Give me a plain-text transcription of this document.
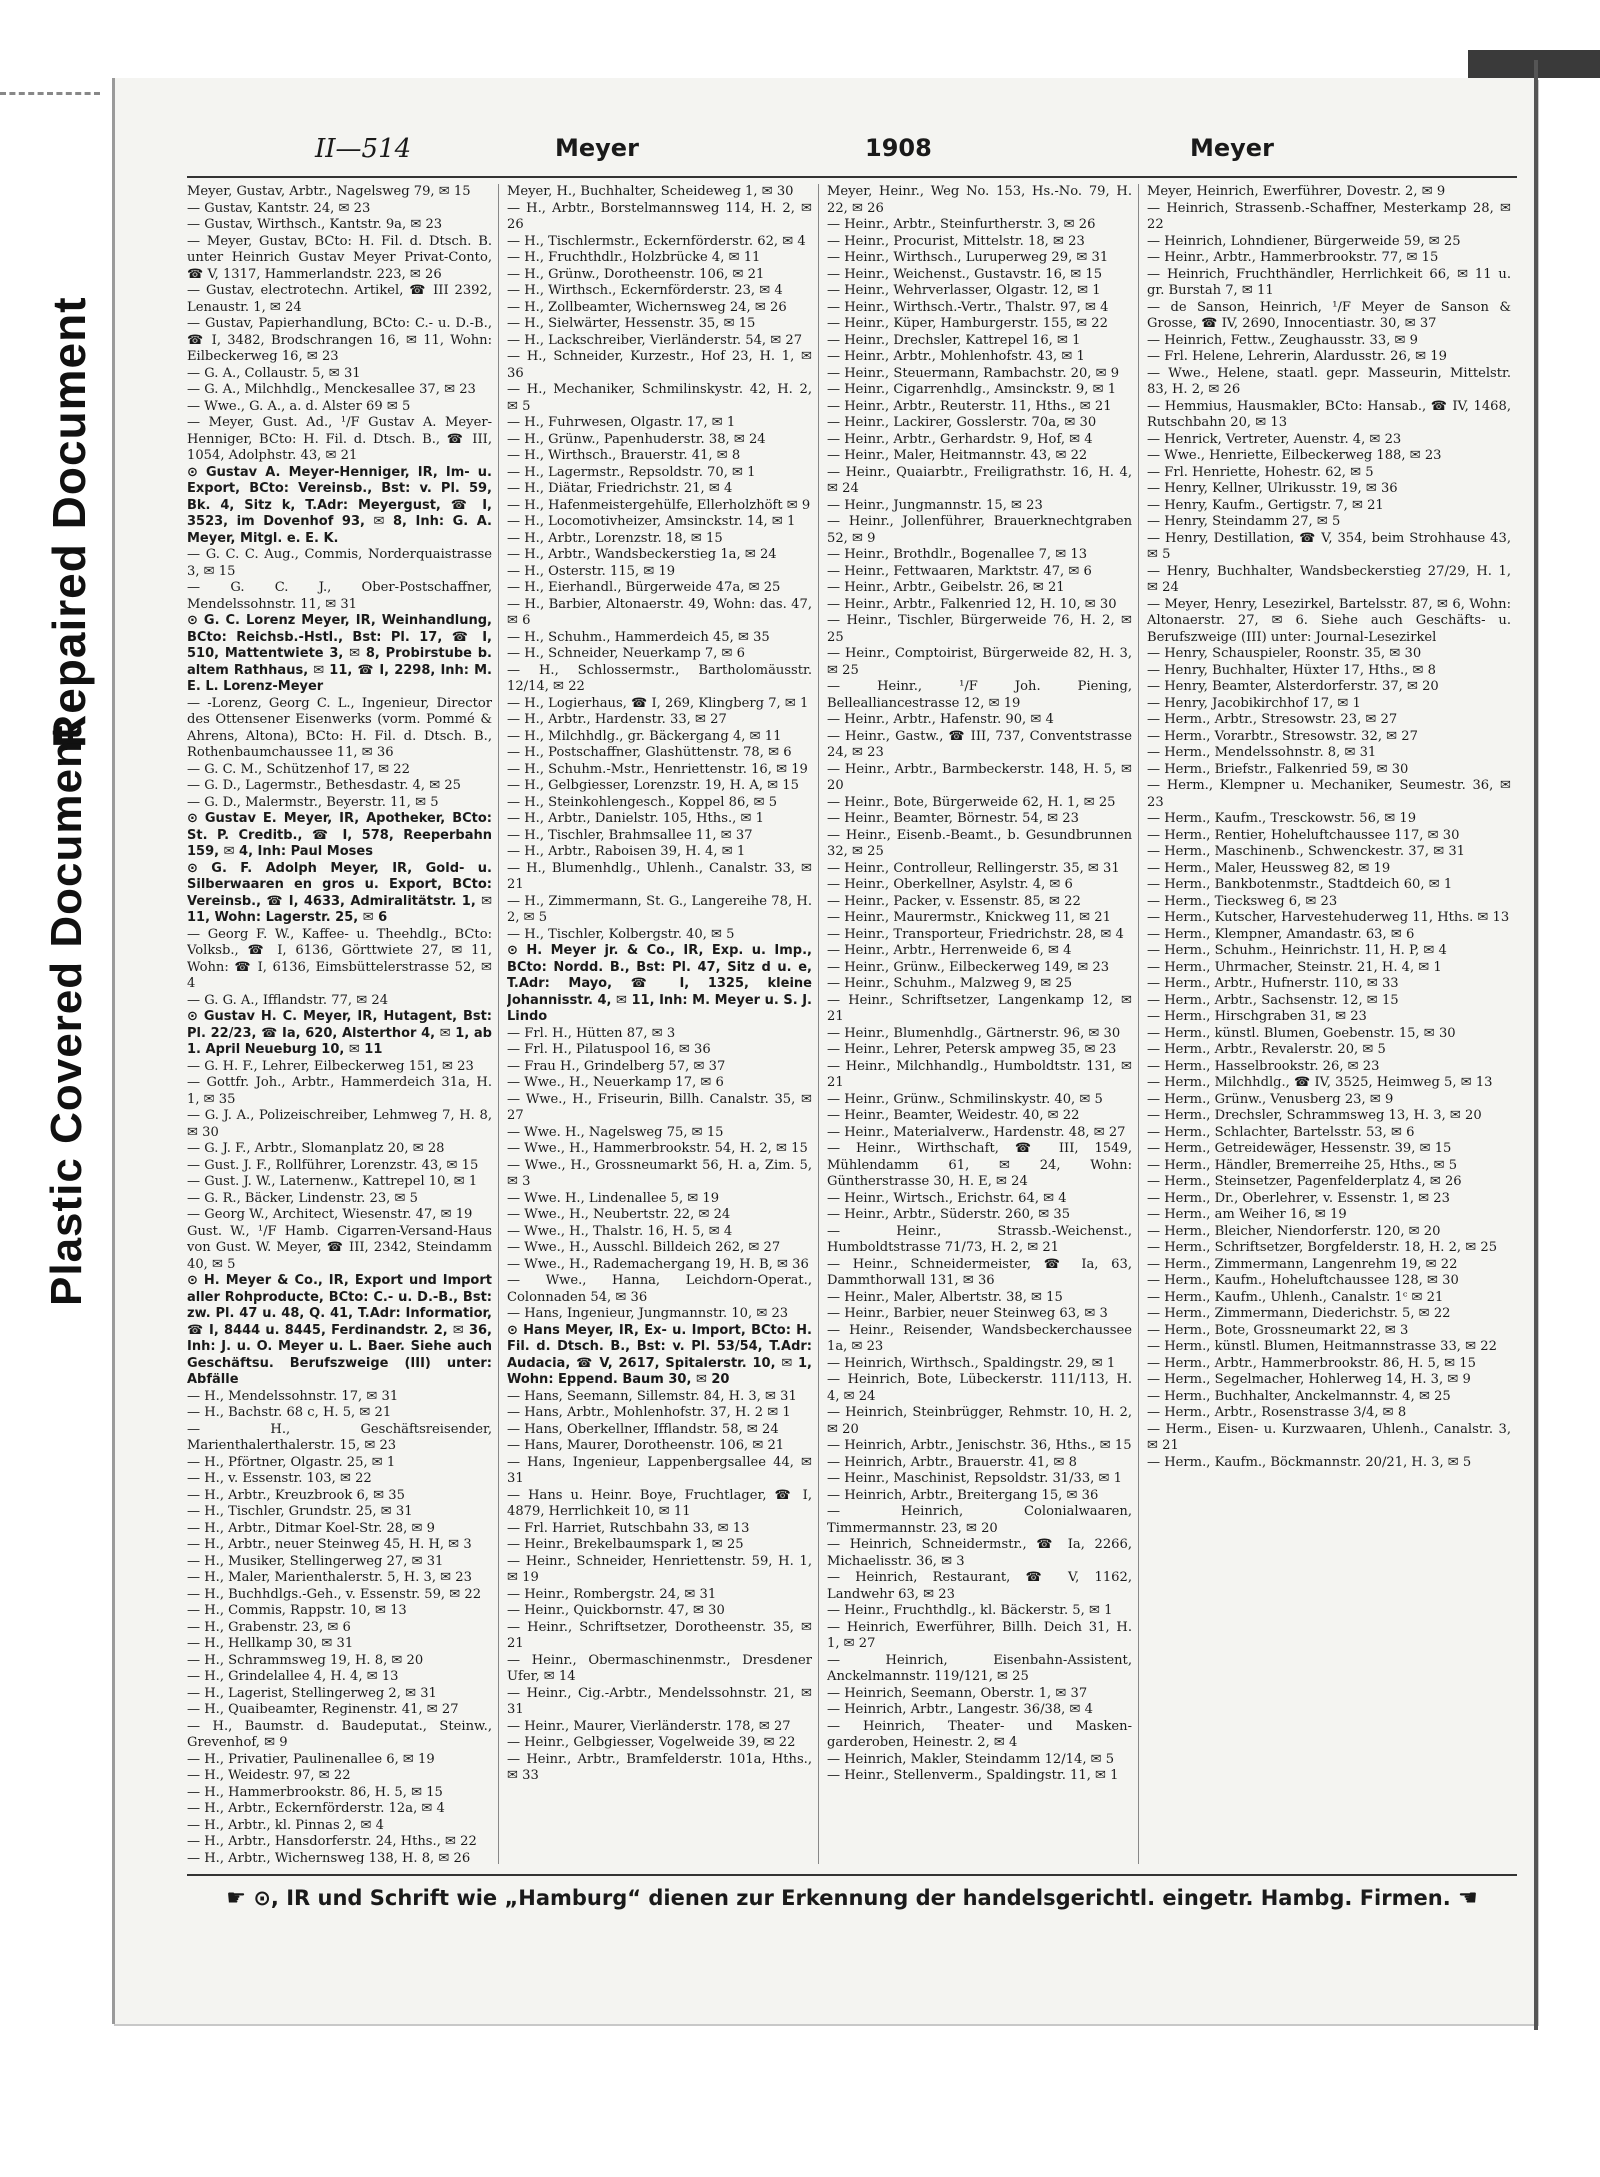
Repaired Document
Plastic Covered Document
II—514	Meyer	1908	Meyer

Meyer, Gustav, Arbtr., Nagelsweg 79, ✉ 15

— Gustav, Kantstr. 24, ✉ 23

— Gustav, Wirthsch., Kantstr. 9a, ✉ 23

— Meyer, Gustav, BCto: H. Fil. d. Dtsch. B. unter Heinrich Gustav Meyer Privat-Conto, ☎ V, 1317, Hammerlandstr. 223, ✉ 26

— Gustav, electrotechn. Artikel, ☎ III 2392, Lenaustr. 1, ✉ 24

— Gustav, Papierhandlung, BCto: C.- u. D.-B., ☎ I, 3482, Brodschrangen 16, ✉ 11, Wohn: Eilbeckerweg 16, ✉ 23

— G. A., Collaustr. 5, ✉ 31

— G. A., Milchhdlg., Menckesallee 37, ✉ 23

— Wwe., G. A., a. d. Alster 69 ✉ 5

— Meyer, Gust. Ad., ¹/F Gustav A. Meyer-Henniger, BCto: H. Fil. d. Dtsch. B., ☎ III, 1054, Adolphstr. 43, ✉ 21

⊙ Gustav A. Meyer-Henniger, IR, Im- u. Export, BCto: Vereinsb., Bst: v. Pl. 59, Bk. 4, Sitz k, T.Adr: Meyergust, ☎ I, 3523, im Dovenhof 93, ✉ 8, Inh: G. A. Meyer, Mitgl. e. E. K.

— G. C. C. Aug., Commis, Norderquaistrasse 3, ✉ 15

— G. C. J., Ober-Postschaffner, Mendelssohnstr. 11, ✉ 31

⊙ G. C. Lorenz Meyer, IR, Weinhandlung, BCto: Reichsb.-Hstl., Bst: Pl. 17, ☎ I, 510, Mattentwiete 3, ✉ 8, Probirstube b. altem Rathhaus, ✉ 11, ☎ I, 2298, Inh: M. E. L. Lorenz-Meyer

— -Lorenz, Georg C. L., Ingenieur, Director des Ottensener Eisenwerks (vorm. Pommé & Ahrens, Altona), BCto: H. Fil. d. Dtsch. B., Rothenbaumchaussee 11, ✉ 36

— G. C. M., Schützenhof 17, ✉ 22

— G. D., Lagermstr., Bethesdastr. 4, ✉ 25

— G. D., Malermstr., Beyerstr. 11, ✉ 5

⊙ Gustav E. Meyer, IR, Apotheker, BCto: St. P. Creditb., ☎ I, 578, Reeperbahn 159, ✉ 4, Inh: Paul Moses

⊙ G. F. Adolph Meyer, IR, Gold- u. Silberwaaren en gros u. Export, BCto: Vereinsb., ☎ I, 4633, Admiralitätstr. 1, ✉ 11, Wohn: Lagerstr. 25, ✉ 6

— Georg F. W., Kaffee- u. Theehdlg., BCto: Volksb., ☎ I, 6136, Görttwiete 27, ✉ 11, Wohn: ☎ I, 6136, Eimsbüttelerstrasse 52, ✉ 4

— G. G. A., Ifflandstr. 77, ✉ 24

⊙ Gustav H. C. Meyer, IR, Hutagent, Bst: Pl. 22/23, ☎ Ia, 620, Alsterthor 4, ✉ 1, ab 1. April Neueburg 10, ✉ 11

— G. H. F., Lehrer, Eilbeckerweg 151, ✉ 23

— Gottfr. Joh., Arbtr., Hammerdeich 31a, H. 1, ✉ 35

— G. J. A., Polizeischreiber, Lehmweg 7, H. 8, ✉ 30

— G. J. F., Arbtr., Slomanplatz 20, ✉ 28

— Gust. J. F., Rollführer, Lorenzstr. 43, ✉ 15

— Gust. J. W., Laternenw., Kattrepel 10, ✉ 1

— G. R., Bäcker, Lindenstr. 23, ✉ 5

— Georg W., Architect, Wiesenstr. 47, ✉ 19

Gust. W., ¹/F Hamb. Cigarren-Versand-Haus von Gust. W. Meyer, ☎ III, 2342, Steindamm 40, ✉ 5

⊙ H. Meyer & Co., IR, Export und Import aller Rohproducte, BCto: C.- u. D.-B., Bst: zw. Pl. 47 u. 48, Q. 41, T.Adr: Informatior, ☎ I, 8444 u. 8445, Ferdinandstr. 2, ✉ 36, Inh: J. u. O. Meyer u. L. Baer. Siehe auch Geschäftsu. Berufszweige (III) unter: Abfälle

— H., Mendelssohnstr. 17, ✉ 31

— H., Bachstr. 68 c, H. 5, ✉ 21

— H., Geschäftsreisender, Marienthalerthalerstr. 15, ✉ 23

— H., Pförtner, Olgastr. 25, ✉ 1

— H., v. Essenstr. 103, ✉ 22

— H., Arbtr., Kreuzbrook 6, ✉ 35

— H., Tischler, Grundstr. 25, ✉ 31

— H., Arbtr., Ditmar Koel-Str. 28, ✉ 9

— H., Arbtr., neuer Steinweg 45, H. H, ✉ 3

— H., Musiker, Stellingerweg 27, ✉ 31

— H., Maler, Marienthalerstr. 5, H. 3, ✉ 23

— H., Buchhdlgs.-Geh., v. Essenstr. 59, ✉ 22

— H., Commis, Rappstr. 10, ✉ 13

— H., Grabenstr. 23, ✉ 6

— H., Hellkamp 30, ✉ 31

— H., Schrammsweg 19, H. 8, ✉ 20

— H., Grindelallee 4, H. 4, ✉ 13

— H., Lagerist, Stellingerweg 2, ✉ 31

— H., Quaibeamter, Reginenstr. 41, ✉ 27

— H., Baumstr. d. Baudeputat., Steinw., Grevenhof, ✉ 9

— H., Privatier, Paulinenallee 6, ✉ 19

— H., Weidestr. 97, ✉ 22

— H., Hammerbrookstr. 86, H. 5, ✉ 15

— H., Arbtr., Eckernförderstr. 12a, ✉ 4

— H., Arbtr., kl. Pinnas 2, ✉ 4

— H., Arbtr., Hansdorferstr. 24, Hths., ✉ 22

— H., Arbtr., Wichernsweg 138, H. 8, ✉ 26

Meyer, H., Buchhalter, Scheideweg 1, ✉ 30

— H., Arbtr., Borstelmannsweg 114, H. 2, ✉ 26

— H., Tischlermstr., Eckernförderstr. 62, ✉ 4

— H., Fruchthdlr., Holzbrücke 4, ✉ 11

— H., Grünw., Dorotheenstr. 106, ✉ 21

— H., Wirthsch., Eckernförderstr. 23, ✉ 4

— H., Zollbeamter, Wichernsweg 24, ✉ 26

— H., Sielwärter, Hessenstr. 35, ✉ 15

— H., Lackschreiber, Vierländerstr. 54, ✉ 27

— H., Schneider, Kurzestr., Hof 23, H. 1, ✉ 36

— H., Mechaniker, Schmilinskystr. 42, H. 2, ✉ 5

— H., Fuhrwesen, Olgastr. 17, ✉ 1

— H., Grünw., Papenhuderstr. 38, ✉ 24

— H., Wirthsch., Brauerstr. 41, ✉ 8

— H., Lagermstr., Repsoldstr. 70, ✉ 1

— H., Diätar, Friedrichstr. 21, ✉ 4

— H., Hafenmeistergehülfe, Ellerholzhöft ✉ 9

— H., Locomotivheizer, Amsinckstr. 14, ✉ 1

— H., Arbtr., Lorenzstr. 18, ✉ 15

— H., Arbtr., Wandsbeckerstieg 1a, ✉ 24

— H., Osterstr. 115, ✉ 19

— H., Eierhandl., Bürgerweide 47a, ✉ 25

— H., Barbier, Altonaerstr. 49, Wohn: das. 47, ✉ 6

— H., Schuhm., Hammerdeich 45, ✉ 35

— H., Schneider, Neuerkamp 7, ✉ 6

— H., Schlossermstr., Bartholomäusstr. 12/14, ✉ 22

— H., Logierhaus, ☎ I, 269, Klingberg 7, ✉ 1

— H., Arbtr., Hardenstr. 33, ✉ 27

— H., Milchhdlg., gr. Bäckergang 4, ✉ 11

— H., Postschaffner, Glashüttenstr. 78, ✉ 6

— H., Schuhm.-Mstr., Henriettenstr. 16, ✉ 19

— H., Gelbgiesser, Lorenzstr. 19, H. A, ✉ 15

— H., Steinkohlengesch., Koppel 86, ✉ 5

— H., Arbtr., Danielstr. 105, Hths., ✉ 1

— H., Tischler, Brahmsallee 11, ✉ 37

— H., Arbtr., Raboisen 39, H. 4, ✉ 1

— H., Blumenhdlg., Uhlenh., Canalstr. 33, ✉ 21

— H., Zimmermann, St. G., Langereihe 78, H. 2, ✉ 5

— H., Tischler, Kolbergstr. 40, ✉ 5

⊙ H. Meyer jr. & Co., IR, Exp. u. Imp., BCto: Nordd. B., Bst: Pl. 47, Sitz d u. e, T.Adr: Mayo, ☎ I, 1325, kleine Johannisstr. 4, ✉ 11, Inh: M. Meyer u. S. J. Lindo

— Frl. H., Hütten 87, ✉ 3

— Frl. H., Pilatuspool 16, ✉ 36

— Frau H., Grindelberg 57, ✉ 37

— Wwe., H., Neuerkamp 17, ✉ 6

— Wwe., H., Friseurin, Billh. Canalstr. 35, ✉ 27

— Wwe. H., Nagelsweg 75, ✉ 15

— Wwe., H., Hammerbrookstr. 54, H. 2, ✉ 15

— Wwe., H., Grossneumarkt 56, H. a, Zim. 5, ✉ 3

— Wwe. H., Lindenallee 5, ✉ 19

— Wwe., H., Neubertstr. 22, ✉ 24

— Wwe., H., Thalstr. 16, H. 5, ✉ 4

— Wwe., H., Ausschl. Billdeich 262, ✉ 27

— Wwe., H., Rademachergang 19, H. B, ✉ 36

— Wwe., Hanna, Leichdorn-Operat., Colonnaden 54, ✉ 36

— Hans, Ingenieur, Jungmannstr. 10, ✉ 23

⊙ Hans Meyer, IR, Ex- u. Import, BCto: H. Fil. d. Dtsch. B., Bst: v. Pl. 53/54, T.Adr: Audacia, ☎ V, 2617, Spitalerstr. 10, ✉ 1, Wohn: Eppend. Baum 30, ✉ 20

— Hans, Seemann, Sillemstr. 84, H. 3, ✉ 31

— Hans, Arbtr., Mohlenhofstr. 37, H. 2 ✉ 1

— Hans, Oberkellner, Ifflandstr. 58, ✉ 24

— Hans, Maurer, Dorotheenstr. 106, ✉ 21

— Hans, Ingenieur, Lappenbergsallee 44, ✉ 31

— Hans u. Heinr. Boye, Fruchtlager, ☎ I, 4879, Herrlichkeit 10, ✉ 11

— Frl. Harriet, Rutschbahn 33, ✉ 13

— Heinr., Brekelbaumspark 1, ✉ 25

— Heinr., Schneider, Henriettenstr. 59, H. 1, ✉ 19

— Heinr., Rombergstr. 24, ✉ 31

— Heinr., Quickbornstr. 47, ✉ 30

— Heinr., Schriftsetzer, Dorotheenstr. 35, ✉ 21

— Heinr., Obermaschinenmstr., Dresdener Ufer, ✉ 14

— Heinr., Cig.-Arbtr., Mendelssohnstr. 21, ✉ 31

— Heinr., Maurer, Vierländerstr. 178, ✉ 27

— Heinr., Gelbgiesser, Vogelweide 39, ✉ 22

— Heinr., Arbtr., Bramfelderstr. 101a, Hths., ✉ 33

Meyer, Heinr., Weg No. 153, Hs.-No. 79, H. 22, ✉ 26

— Heinr., Arbtr., Steinfurtherstr. 3, ✉ 26

— Heinr., Procurist, Mittelstr. 18, ✉ 23

— Heinr., Wirthsch., Luruperweg 29, ✉ 31

— Heinr., Weichenst., Gustavstr. 16, ✉ 15

— Heinr., Wehrverlasser, Olgastr. 12, ✉ 1

— Heinr., Wirthsch.-Vertr., Thalstr. 97, ✉ 4

— Heinr., Küper, Hamburgerstr. 155, ✉ 22

— Heinr., Drechsler, Kattrepel 16, ✉ 1

— Heinr., Arbtr., Mohlenhofstr. 43, ✉ 1

— Heinr., Steuermann, Rambachstr. 20, ✉ 9

— Heinr., Cigarrenhdlg., Amsinckstr. 9, ✉ 1

— Heinr., Arbtr., Reuterstr. 11, Hths., ✉ 21

— Heinr., Lackirer, Gosslerstr. 70a, ✉ 30

— Heinr., Arbtr., Gerhardstr. 9, Hof, ✉ 4

— Heinr., Maler, Heitmannstr. 43, ✉ 22

— Heinr., Quaiarbtr., Freiligrathstr. 16, H. 4, ✉ 24

— Heinr., Jungmannstr. 15, ✉ 23

— Heinr., Jollenführer, Brauerknechtgraben 52, ✉ 9

— Heinr., Brothdlr., Bogenallee 7, ✉ 13

— Heinr., Fettwaaren, Marktstr. 47, ✉ 6

— Heinr., Arbtr., Geibelstr. 26, ✉ 21

— Heinr., Arbtr., Falkenried 12, H. 10, ✉ 30

— Heinr., Tischler, Bürgerweide 76, H. 2, ✉ 25

— Heinr., Comptoirist, Bürgerweide 82, H. 3, ✉ 25

— Heinr., ¹/F Joh. Piening, Bellealliancestrasse 12, ✉ 19

— Heinr., Arbtr., Hafenstr. 90, ✉ 4

— Heinr., Gastw., ☎ III, 737, Conventstrasse 24, ✉ 23

— Heinr., Arbtr., Barmbeckerstr. 148, H. 5, ✉ 20

— Heinr., Bote, Bürgerweide 62, H. 1, ✉ 25

— Heinr., Beamter, Börnestr. 54, ✉ 23

— Heinr., Eisenb.-Beamt., b. Gesundbrunnen 32, ✉ 25

— Heinr., Controlleur, Rellingerstr. 35, ✉ 31

— Heinr., Oberkellner, Asylstr. 4, ✉ 6

— Heinr., Packer, v. Essenstr. 85, ✉ 22

— Heinr., Maurermstr., Knickweg 11, ✉ 21

— Heinr., Transporteur, Friedrichstr. 28, ✉ 4

— Heinr., Arbtr., Herrenweide 6, ✉ 4

— Heinr., Grünw., Eilbeckerweg 149, ✉ 23

— Heinr., Schuhm., Malzweg 9, ✉ 25

— Heinr., Schriftsetzer, Langenkamp 12, ✉ 21

— Heinr., Blumenhdlg., Gärtnerstr. 96, ✉ 30

— Heinr., Lehrer, Petersk ampweg 35, ✉ 23

— Heinr., Milchhandlg., Humboldtstr. 131, ✉ 21

— Heinr., Grünw., Schmilinskystr. 40, ✉ 5

— Heinr., Beamter, Weidestr. 40, ✉ 22

— Heinr., Materialverw., Hardenstr. 48, ✉ 27

— Heinr., Wirthschaft, ☎ III, 1549, Mühlendamm 61, ✉ 24, Wohn: Güntherstrasse 30, H. E, ✉ 24

— Heinr., Wirtsch., Erichstr. 64, ✉ 4

— Heinr., Arbtr., Süderstr. 260, ✉ 35

— Heinr., Strassb.-Weichenst., Humboldtstrasse 71/73, H. 2, ✉ 21

— Heinr., Schneidermeister, ☎ Ia, 63, Dammthorwall 131, ✉ 36

— Heinr., Maler, Albertstr. 38, ✉ 15

— Heinr., Barbier, neuer Steinweg 63, ✉ 3

— Heinr., Reisender, Wandsbeckerchaussee 1a, ✉ 23

— Heinrich, Wirthsch., Spaldingstr. 29, ✉ 1

— Heinrich, Bote, Lübeckerstr. 111/113, H. 4, ✉ 24

— Heinrich, Steinbrügger, Rehmstr. 10, H. 2, ✉ 20

— Heinrich, Arbtr., Jenischstr. 36, Hths., ✉ 15

— Heinrich, Arbtr., Brauerstr. 41, ✉ 8

— Heinr., Maschinist, Repsoldstr. 31/33, ✉ 1

— Heinrich, Arbtr., Breitergang 15, ✉ 36

— Heinrich, Colonialwaaren, Timmermannstr. 23, ✉ 20

— Heinrich, Schneidermstr., ☎ Ia, 2266, Michaelisstr. 36, ✉ 3

— Heinrich, Restaurant, ☎ V, 1162, Landwehr 63, ✉ 23

— Heinr., Fruchthdlg., kl. Bäckerstr. 5, ✉ 1

— Heinrich, Ewerführer, Billh. Deich 31, H. 1, ✉ 27

— Heinrich, Eisenbahn-Assistent, Anckelmannstr. 119/121, ✉ 25

— Heinrich, Seemann, Oberstr. 1, ✉ 37

— Heinrich, Arbtr., Langestr. 36/38, ✉ 4

— Heinrich, Theater- und Masken-garderoben, Heinestr. 2, ✉ 4

— Heinrich, Makler, Steindamm 12/14, ✉ 5

— Heinr., Stellenverm., Spaldingstr. 11, ✉ 1

Meyer, Heinrich, Ewerführer, Dovestr. 2, ✉ 9

— Heinrich, Strassenb.-Schaffner, Mesterkamp 28, ✉ 22

— Heinrich, Lohndiener, Bürgerweide 59, ✉ 25

— Heinr., Arbtr., Hammerbrookstr. 77, ✉ 15

— Heinrich, Fruchthändler, Herrlichkeit 66, ✉ 11 u. gr. Burstah 7, ✉ 11

— de Sanson, Heinrich, ¹/F Meyer de Sanson & Grosse, ☎ IV, 2690, Innocentiastr. 30, ✉ 37

— Heinrich, Fettw., Zeughausstr. 33, ✉ 9

— Frl. Helene, Lehrerin, Alardusstr. 26, ✉ 19

— Wwe., Helene, staatl. gepr. Masseurin, Mittelstr. 83, H. 2, ✉ 26

— Hemmius, Hausmakler, BCto: Hansab., ☎ IV, 1468, Rutschbahn 20, ✉ 13

— Henrick, Vertreter, Auenstr. 4, ✉ 23

— Wwe., Henriette, Eilbeckerweg 188, ✉ 23

— Frl. Henriette, Hohestr. 62, ✉ 5

— Henry, Kellner, Ulrikusstr. 19, ✉ 36

— Henry, Kaufm., Gertigstr. 7, ✉ 21

— Henry, Steindamm 27, ✉ 5

— Henry, Destillation, ☎ V, 354, beim Strohhause 43, ✉ 5

— Henry, Buchhalter, Wandsbeckerstieg 27/29, H. 1, ✉ 24

— Meyer, Henry, Lesezirkel, Bartelsstr. 87, ✉ 6, Wohn: Altonaerstr. 27, ✉ 6. Siehe auch Geschäfts- u. Berufszweige (III) unter: Journal-Lesezirkel

— Henry, Schauspieler, Roonstr. 35, ✉ 30

— Henry, Buchhalter, Hüxter 17, Hths., ✉ 8

— Henry, Beamter, Alsterdorferstr. 37, ✉ 20

— Henry, Jacobikirchhof 17, ✉ 1

— Herm., Arbtr., Stresowstr. 23, ✉ 27

— Herm., Vorarbtr., Stresowstr. 32, ✉ 27

— Herm., Mendelssohnstr. 8, ✉ 31

— Herm., Briefstr., Falkenried 59, ✉ 30

— Herm., Klempner u. Mechaniker, Seumestr. 36, ✉ 23

— Herm., Kaufm., Tresckowstr. 56, ✉ 19

— Herm., Rentier, Hoheluftchaussee 117, ✉ 30

— Herm., Maschinenb., Schwenckestr. 37, ✉ 31

— Herm., Maler, Heussweg 82, ✉ 19

— Herm., Bankbotenmstr., Stadtdeich 60, ✉ 1

— Herm., Tiecksweg 6, ✉ 23

— Herm., Kutscher, Harvestehuderweg 11, Hths. ✉ 13

— Herm., Klempner, Amandastr. 63, ✉ 6

— Herm., Schuhm., Heinrichstr. 11, H. P, ✉ 4

— Herm., Uhrmacher, Steinstr. 21, H. 4, ✉ 1

— Herm., Arbtr., Hufnerstr. 110, ✉ 33

— Herm., Arbtr., Sachsenstr. 12, ✉ 15

— Herm., Hirschgraben 31, ✉ 23

— Herm., künstl. Blumen, Goebenstr. 15, ✉ 30

— Herm., Arbtr., Revalerstr. 20, ✉ 5

— Herm., Hasselbrookstr. 26, ✉ 23

— Herm., Milchhdlg., ☎ IV, 3525, Heimweg 5, ✉ 13

— Herm., Grünw., Venusberg 23, ✉ 9

— Herm., Drechsler, Schrammsweg 13, H. 3, ✉ 20

— Herm., Schlachter, Bartelsstr. 53, ✉ 6

— Herm., Getreidewäger, Hessenstr. 39, ✉ 15

— Herm., Händler, Bremerreihe 25, Hths., ✉ 5

— Herm., Steinsetzer, Pagenfelderplatz 4, ✉ 26

— Herm., Dr., Oberlehrer, v. Essenstr. 1, ✉ 23

— Herm., am Weiher 16, ✉ 19

— Herm., Bleicher, Niendorferstr. 120, ✉ 20

— Herm., Schriftsetzer, Borgfelderstr. 18, H. 2, ✉ 25

— Herm., Zimmermann, Langenrehm 19, ✉ 22

— Herm., Kaufm., Hoheluftchaussee 128, ✉ 30

— Herm., Kaufm., Uhlenh., Canalstr. 1ᶜ ✉ 21

— Herm., Zimmermann, Diederichstr. 5, ✉ 22

— Herm., Bote, Grossneumarkt 22, ✉ 3

— Herm., künstl. Blumen, Heitmannstrasse 33, ✉ 22

— Herm., Arbtr., Hammerbrookstr. 86, H. 5, ✉ 15

— Herm., Segelmacher, Hohlerweg 14, H. 3, ✉ 9

— Herm., Buchhalter, Anckelmannstr. 4, ✉ 25

— Herm., Arbtr., Rosenstrasse 3/4, ✉ 8

— Herm., Eisen- u. Kurzwaaren, Uhlenh., Canalstr. 3, ✉ 21

— Herm., Kaufm., Böckmannstr. 20/21, H. 3, ✉ 5

☛ ⊙, IR und Schrift wie „Hamburg“ dienen zur Erkennung der handelsgerichtl. eingetr. Hambg. Firmen. ☚
